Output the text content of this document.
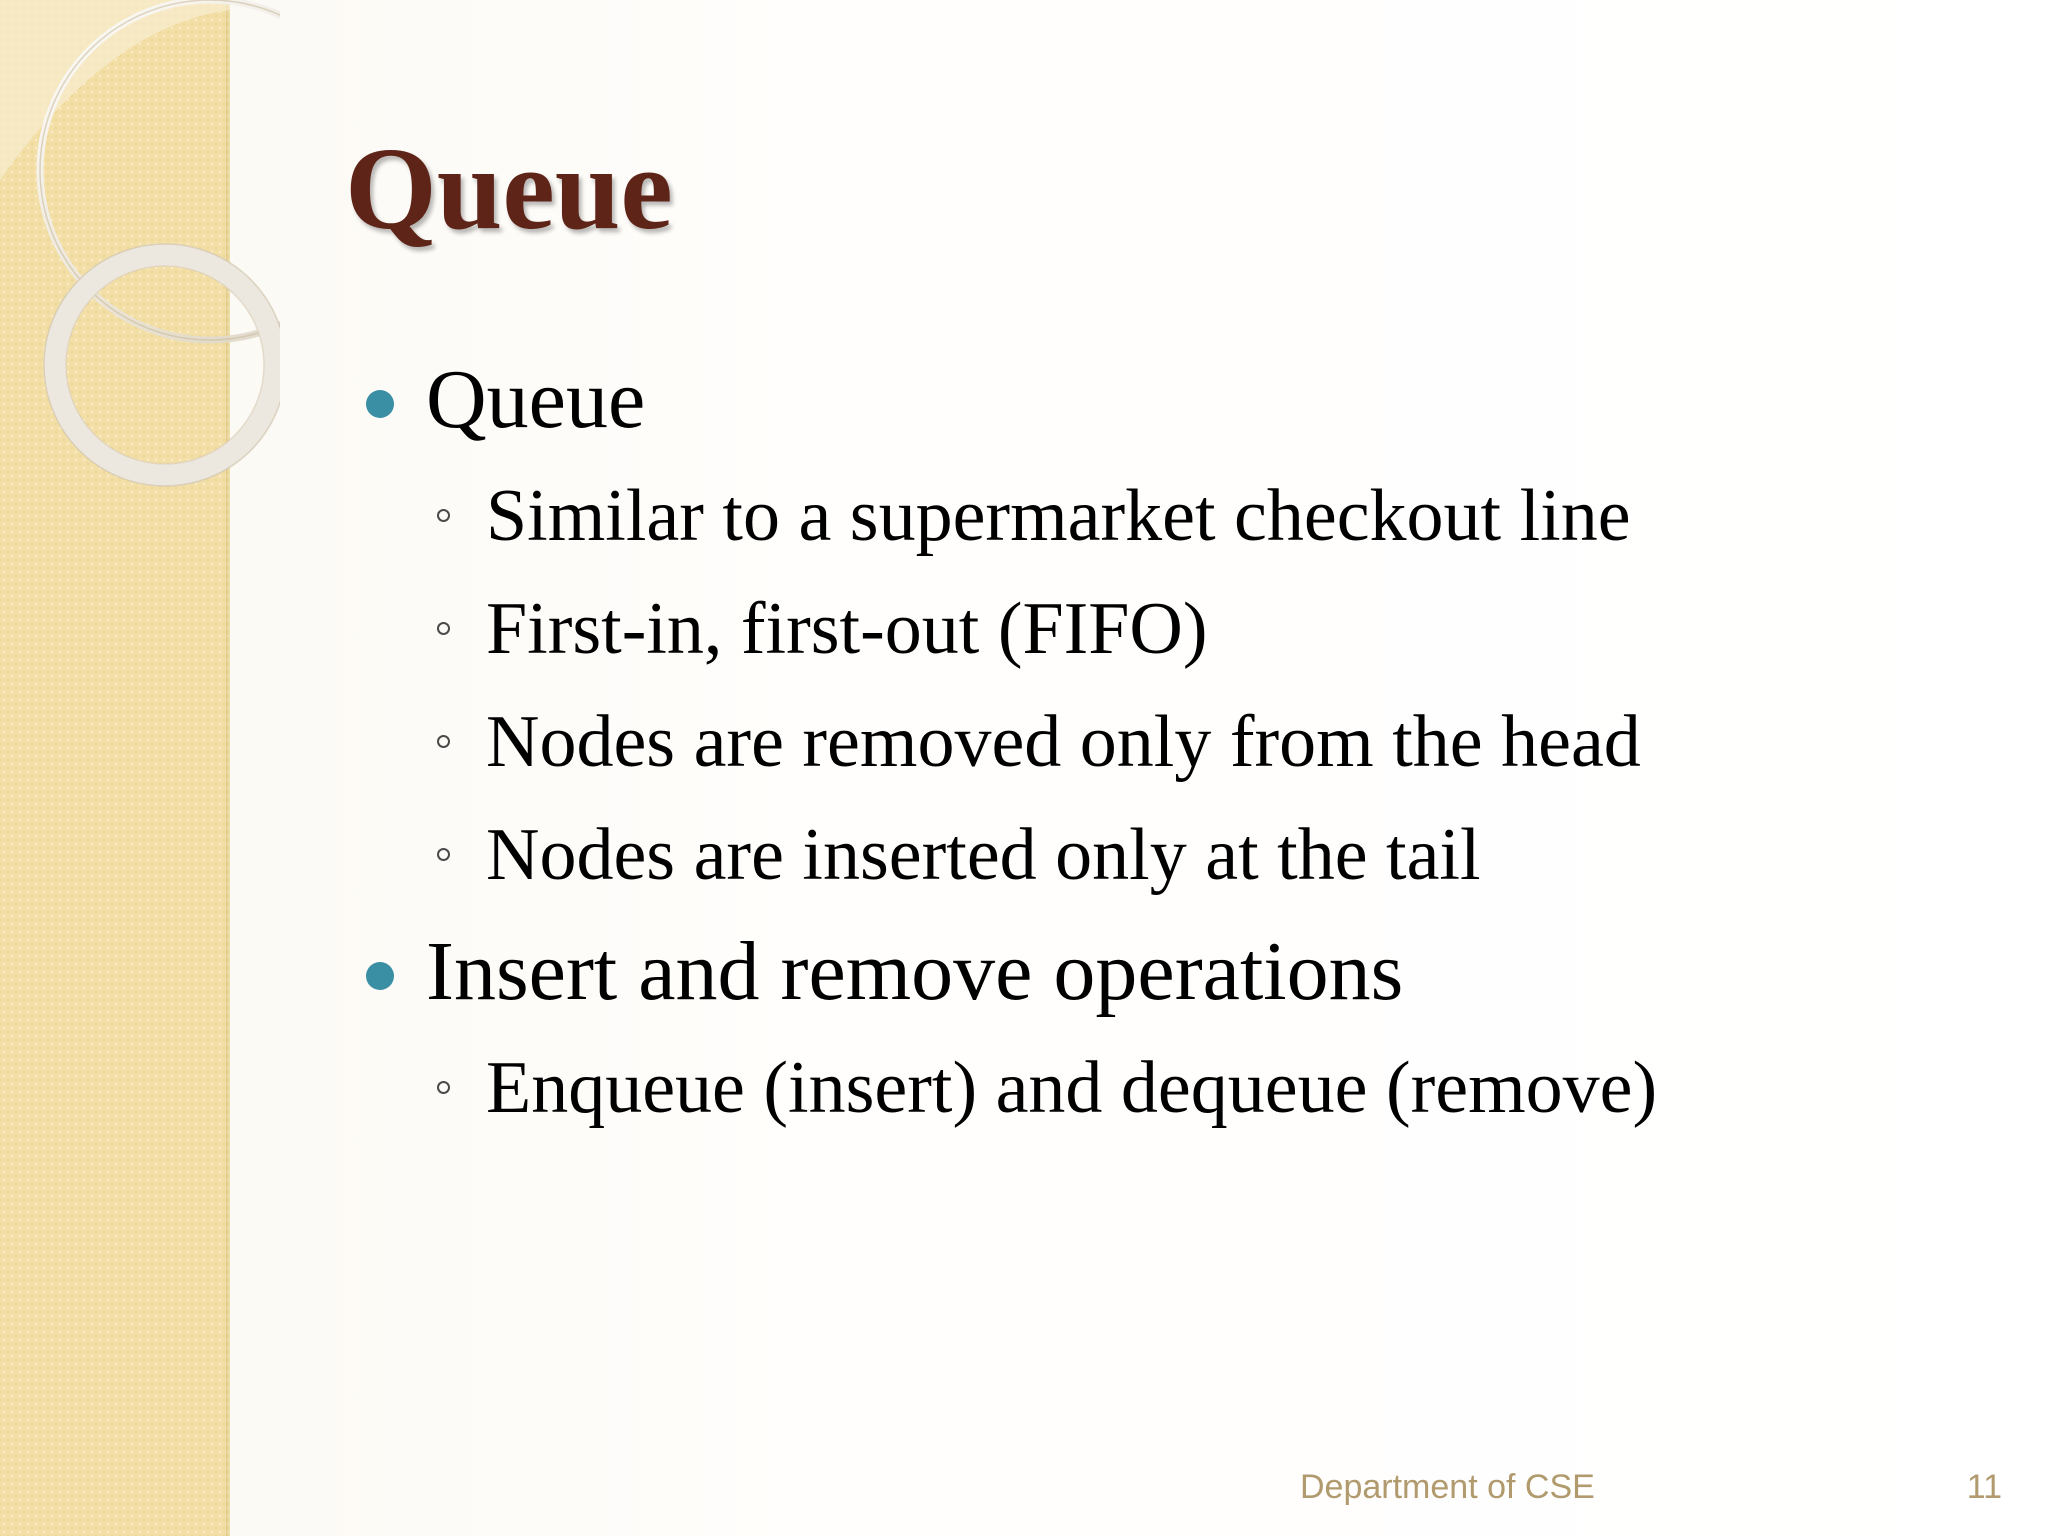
Queue
Queue
Similar to a supermarket checkout line
First-in, first-out (FIFO)
Nodes are removed only from the head
Nodes are inserted only at the tail
Insert and remove operations
Enqueue (insert) and dequeue (remove)
Department of CSE	11
